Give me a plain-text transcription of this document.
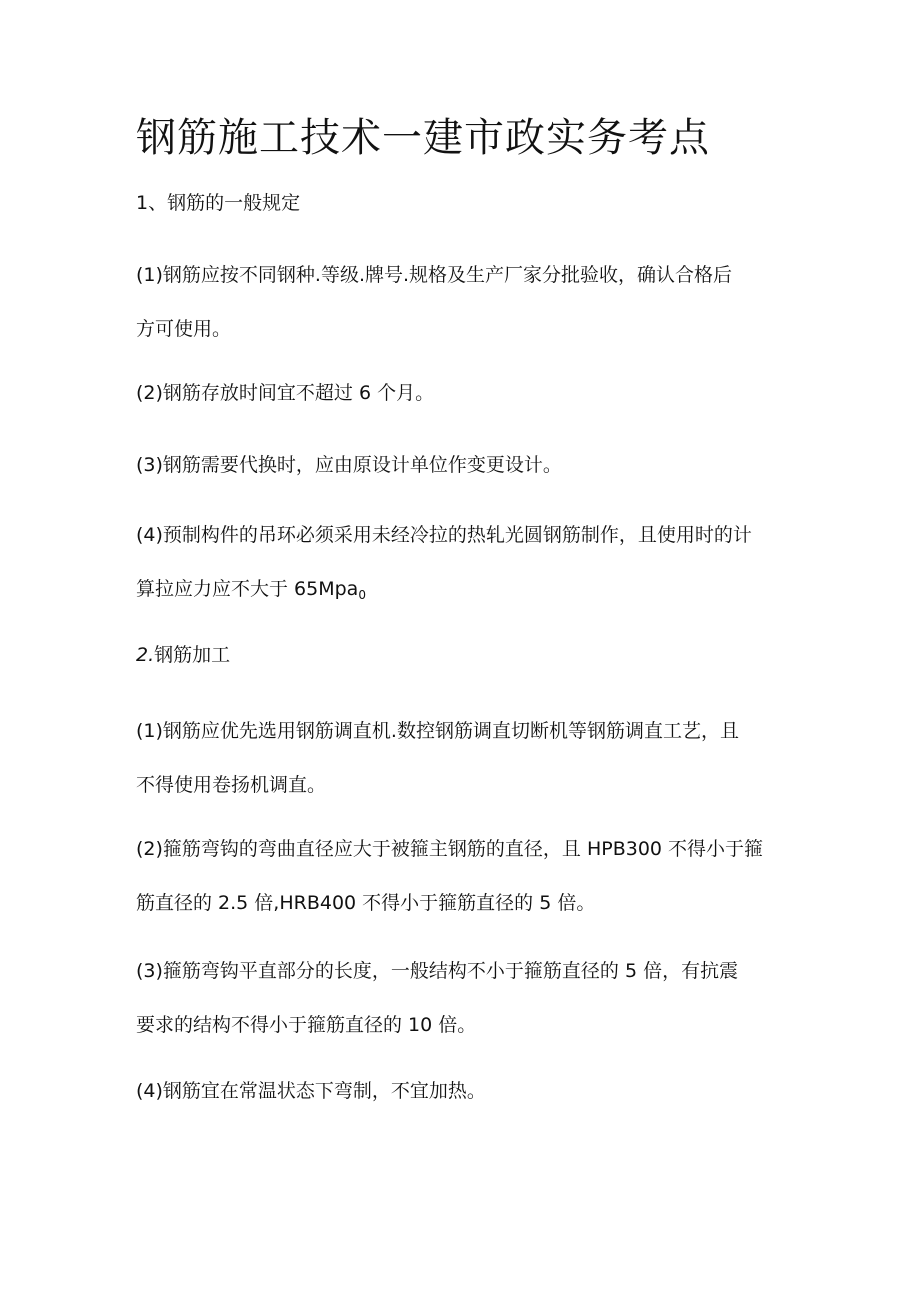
钢筋施工技术一建市政实务考点
1、钢筋的一般规定
(1)钢筋应按不同钢种.等级.牌号.规格及生产厂家分批验收，确认合格后
方可使用。
(2)钢筋存放时间宜不超过 6 个月。
(3)钢筋需要代换时，应由原设计单位作变更设计。
(4)预制构件的吊环必须采用未经冷拉的热轧光圆钢筋制作，且使用时的计
算拉应力应不大于 65Mpa$_0$
2.钢筋加工
(1)钢筋应优先选用钢筋调直机.数控钢筋调直切断机等钢筋调直工艺，且
不得使用卷扬机调直。
(2)箍筋弯钩的弯曲直径应大于被箍主钢筋的直径，且 HPB300 不得小于箍
筋直径的 2.5 倍,HRB400 不得小于箍筋直径的 5 倍。
(3)箍筋弯钩平直部分的长度，一般结构不小于箍筋直径的 5 倍，有抗震
要求的结构不得小于箍筋直径的 10 倍。
(4)钢筋宜在常温状态下弯制，不宜加热。
